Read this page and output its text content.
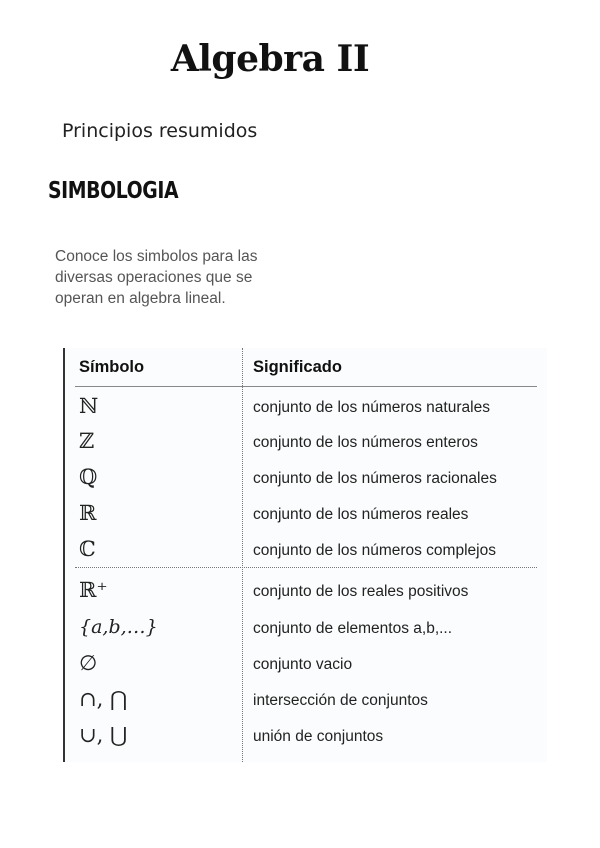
Algebra II
Principios resumidos
SIMBOLOGIA
Conoce los simbolos para las
diversas operaciones que se
operan en algebra lineal.
Símbolo	Significado
ℕ	conjunto de los números naturales
ℤ	conjunto de los números enteros
ℚ	conjunto de los números racionales
ℝ	conjunto de los números reales
ℂ	conjunto de los números complejos
ℝ⁺	conjunto de los reales positivos
{a,b,…}	conjunto de elementos a,b,...
∅	conjunto vacio
∩, ⋂	intersección de conjuntos
∪, ⋃	unión de conjuntos
